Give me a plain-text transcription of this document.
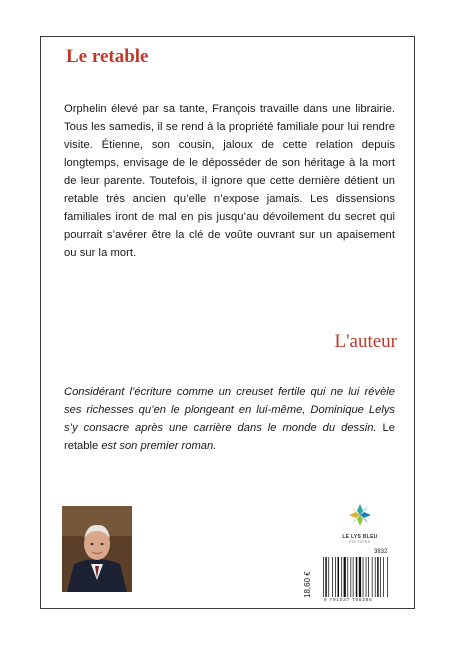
Le retable

Orphelin élevé par sa tante, François travaille dans une librairie. Tous les samedis, il se rend à la propriété familiale pour lui rendre visite. Étienne, son cousin, jaloux de cette relation depuis longtemps, envisage de le déposséder de son héritage à la mort de leur parente. Toutefois, il ignore que cette dernière détient un retable très ancien qu’elle n’expose jamais. Les dissensions familiales iront de mal en pis jusqu’au dévoilement du secret qui pourrait s’avérer être la clé de voûte ouvrant sur un apaisement ou sur la mort.

L'auteur

Considérant l’écriture comme un creuset fertile qui ne lui révèle ses richesses qu’en le plongeant en lui-même, Dominique Lelys s’y consacre après une carrière dans le monde du dessin. Le retable est son premier roman.

LE LYS BLEU
ÉDITIONS
18,60 €
3832
9 791037 755285
